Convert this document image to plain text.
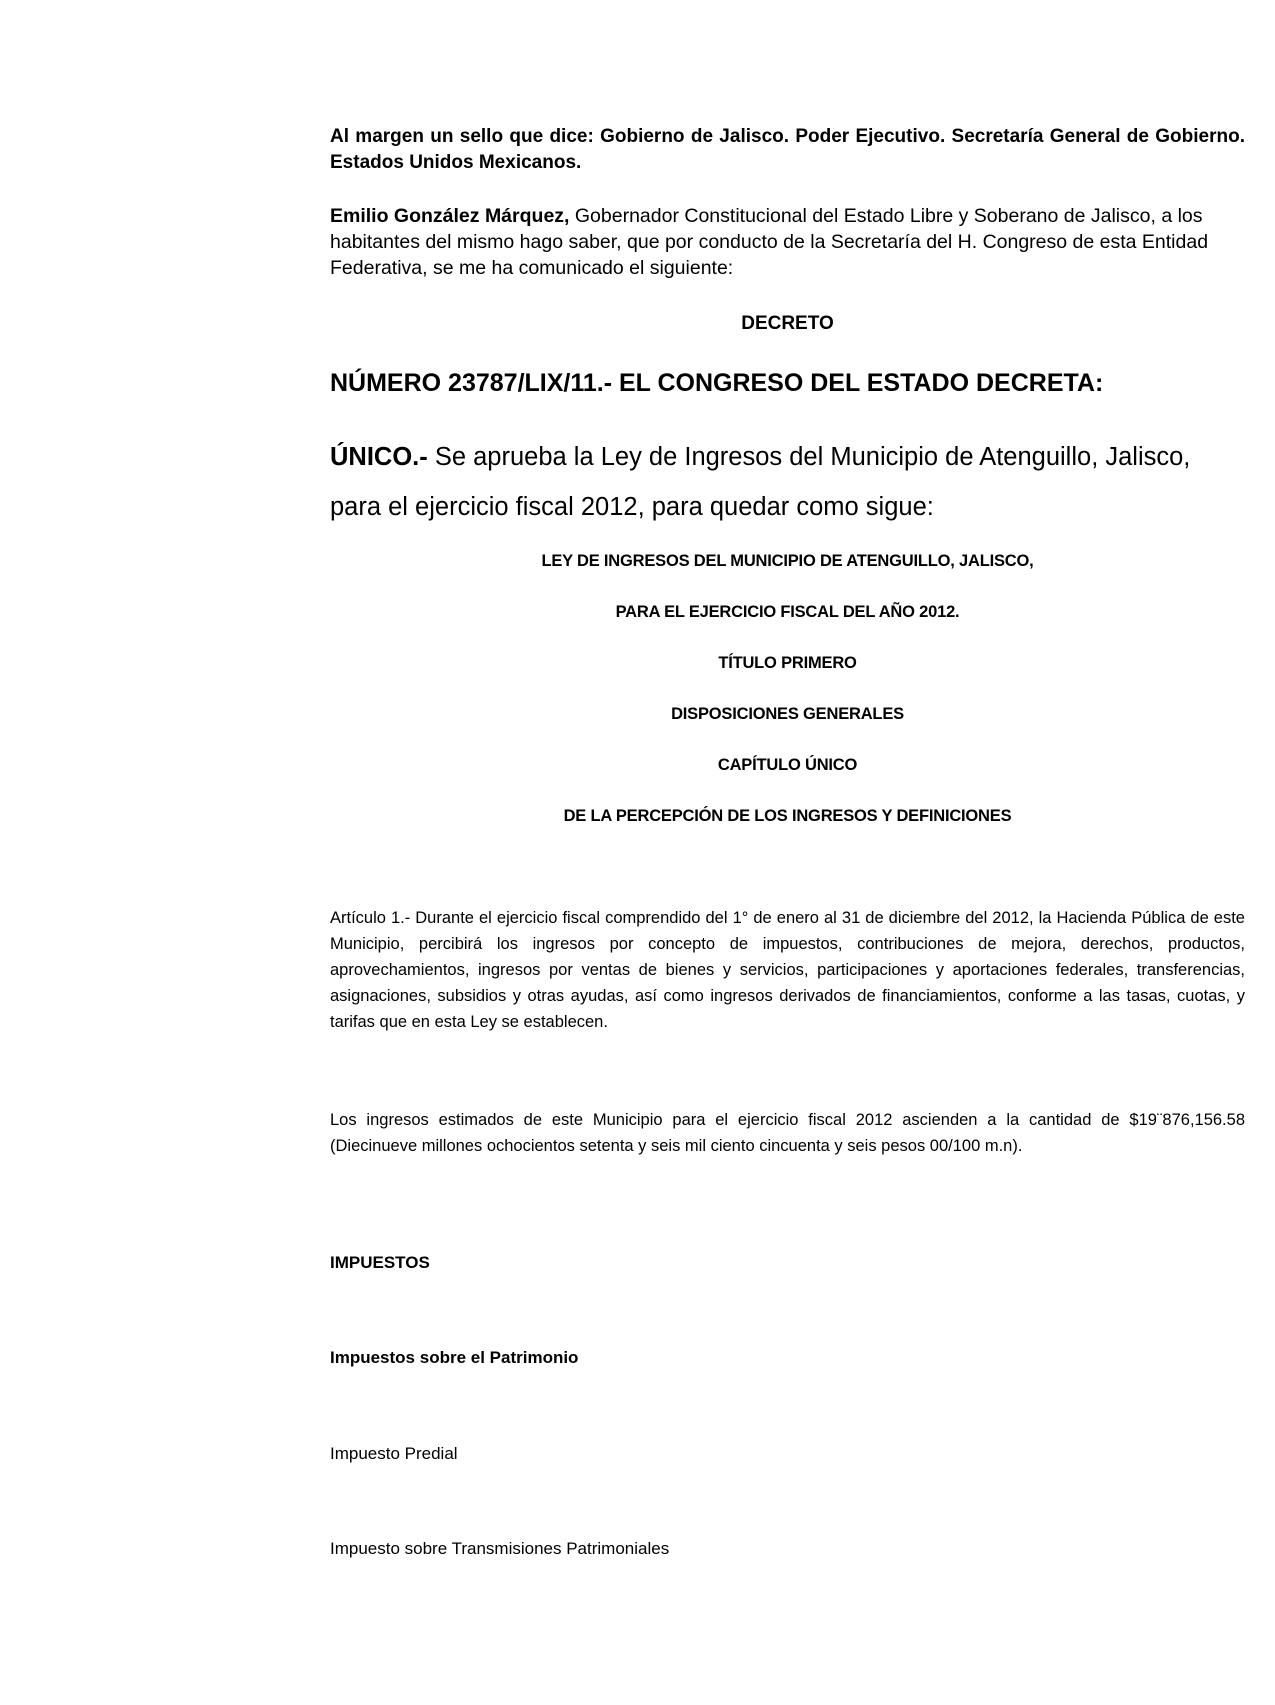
Al margen un sello que dice: Gobierno de Jalisco. Poder Ejecutivo. Secretaría General de Gobierno. Estados Unidos Mexicanos.

Emilio González Márquez, Gobernador Constitucional del Estado Libre y Soberano de Jalisco, a los habitantes del mismo hago saber, que por conducto de la Secretaría del H. Congreso de esta Entidad Federativa, se me ha comunicado el siguiente:

DECRETO

NÚMERO 23787/LIX/11.- EL CONGRESO DEL ESTADO DECRETA:

ÚNICO.- Se aprueba la Ley de Ingresos del Municipio de Atenguillo, Jalisco, para el ejercicio fiscal 2012, para quedar como sigue:

LEY DE INGRESOS DEL MUNICIPIO DE ATENGUILLO, JALISCO,

PARA EL EJERCICIO FISCAL DEL AÑO 2012.

TÍTULO PRIMERO

DISPOSICIONES GENERALES

CAPÍTULO ÚNICO

DE LA PERCEPCIÓN DE LOS INGRESOS Y DEFINICIONES

Artículo 1.- Durante el ejercicio fiscal comprendido del 1° de enero al 31 de diciembre del 2012, la Hacienda Pública de este Municipio, percibirá los ingresos por concepto de impuestos, contribuciones de mejora, derechos, productos, aprovechamientos, ingresos por ventas de bienes y servicios, participaciones y aportaciones federales, transferencias, asignaciones, subsidios y otras ayudas, así como ingresos derivados de financiamientos, conforme a las tasas, cuotas, y tarifas que en esta Ley se establecen.

Los ingresos estimados de este Municipio para el ejercicio fiscal 2012 ascienden a la cantidad de $19¨876,156.58 (Diecinueve millones ochocientos setenta y seis mil ciento cincuenta y seis pesos 00/100 m.n).

IMPUESTOS

Impuestos sobre el Patrimonio

Impuesto Predial

Impuesto sobre Transmisiones Patrimoniales
